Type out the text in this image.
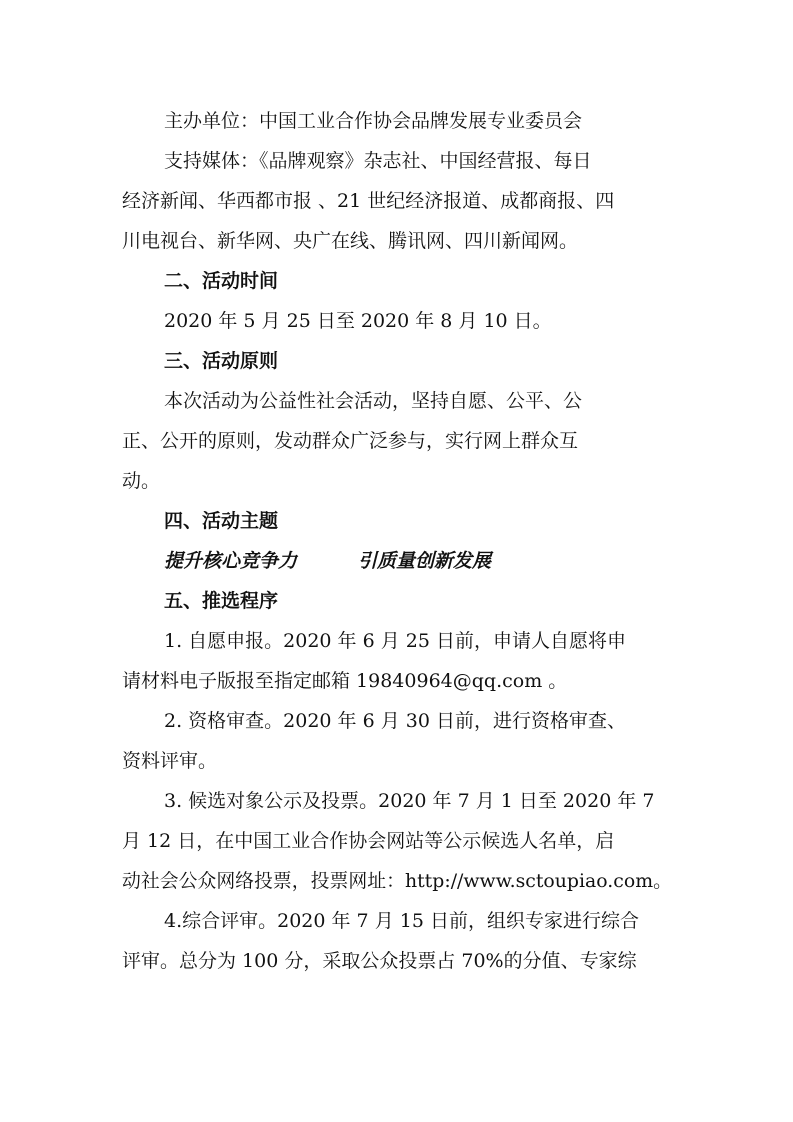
主办单位：中国工业合作协会品牌发展专业委员会
支持媒体：《品牌观察》杂志社、中国经营报、每日
经济新闻、华西都市报 、21 世纪经济报道、成都商报、四
川电视台、新华网、央广在线、腾讯网、四川新闻网。
二、活动时间
2020 年 5 月 25 日至 2020 年 8 月 10 日。
三、活动原则
本次活动为公益性社会活动，坚持自愿、公平、公
正、公开的原则，发动群众广泛参与，实行网上群众互
动。
四、活动主题
提升核心竞争力	引质量创新发展
五、推选程序
1. 自愿申报。2020 年 6 月 25 日前，申请人自愿将申
请材料电子版报至指定邮箱 19840964@qq.com 。
2. 资格审查。2020 年 6 月 30 日前，进行资格审查、
资料评审。
3. 候选对象公示及投票。2020 年 7 月 1 日至 2020 年 7
月 12 日，在中国工业合作协会网站等公示候选人名单，启
动社会公众网络投票，投票网址：http://www.sctoupiao.com。
4.综合评审。2020 年 7 月 15 日前，组织专家进行综合
评审。总分为 100 分，采取公众投票占 70%的分值、专家综
